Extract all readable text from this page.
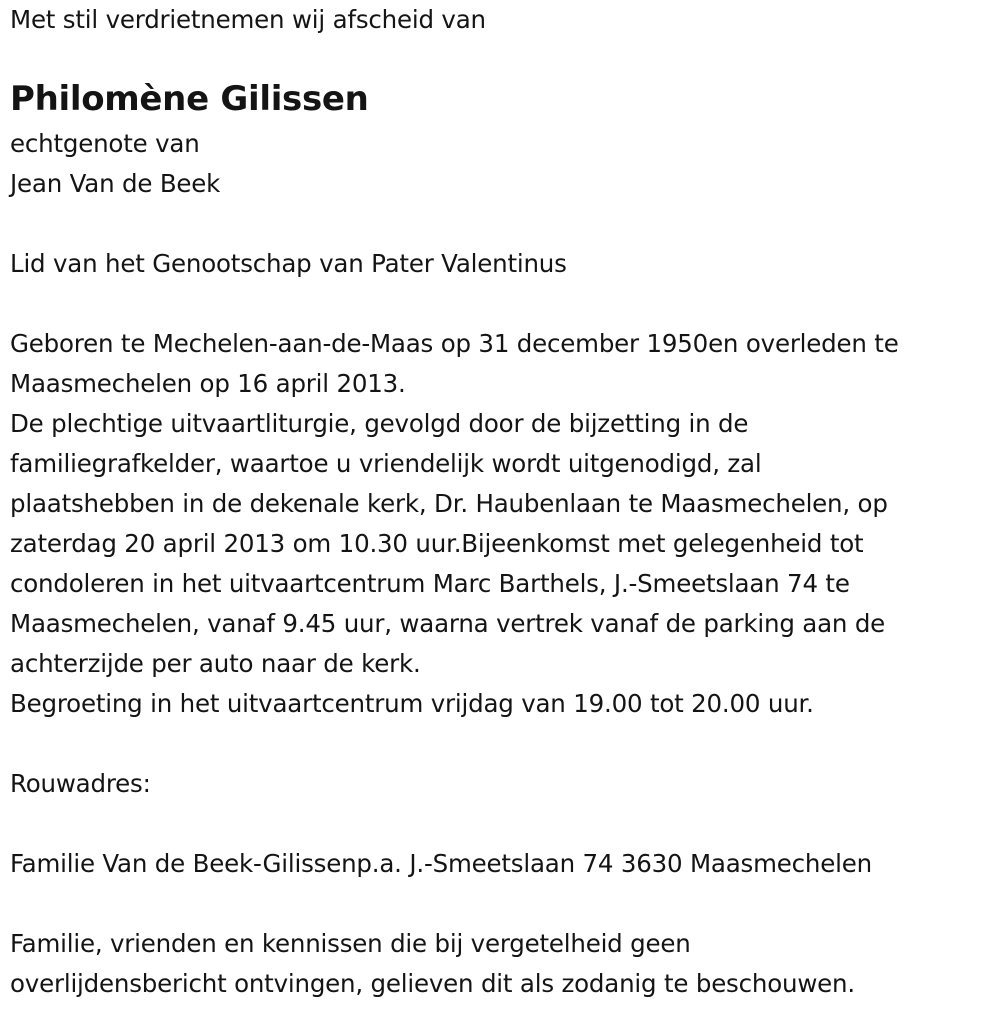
Met stil verdrietnemen wij afscheid van
Philomène Gilissen
echtgenote van
Jean Van de Beek
Lid van het Genootschap van Pater Valentinus
Geboren te Mechelen-aan-de-Maas op 31 december 1950en overleden te
Maasmechelen op 16 april 2013.
De plechtige uitvaartliturgie, gevolgd door de bijzetting in de
familiegrafkelder, waartoe u vriendelijk wordt uitgenodigd, zal
plaatshebben in de dekenale kerk, Dr. Haubenlaan te Maasmechelen, op
zaterdag 20 april 2013 om 10.30 uur.Bijeenkomst met gelegenheid tot
condoleren in het uitvaartcentrum Marc Barthels, J.-Smeetslaan 74 te
Maasmechelen, vanaf 9.45 uur, waarna vertrek vanaf de parking aan de
achterzijde per auto naar de kerk.
Begroeting in het uitvaartcentrum vrijdag van 19.00 tot 20.00 uur.
Rouwadres:
Familie Van de Beek-Gilissenp.a. J.-Smeetslaan 74 3630 Maasmechelen
Familie, vrienden en kennissen die bij vergetelheid geen
overlijdensbericht ontvingen, gelieven dit als zodanig te beschouwen.
